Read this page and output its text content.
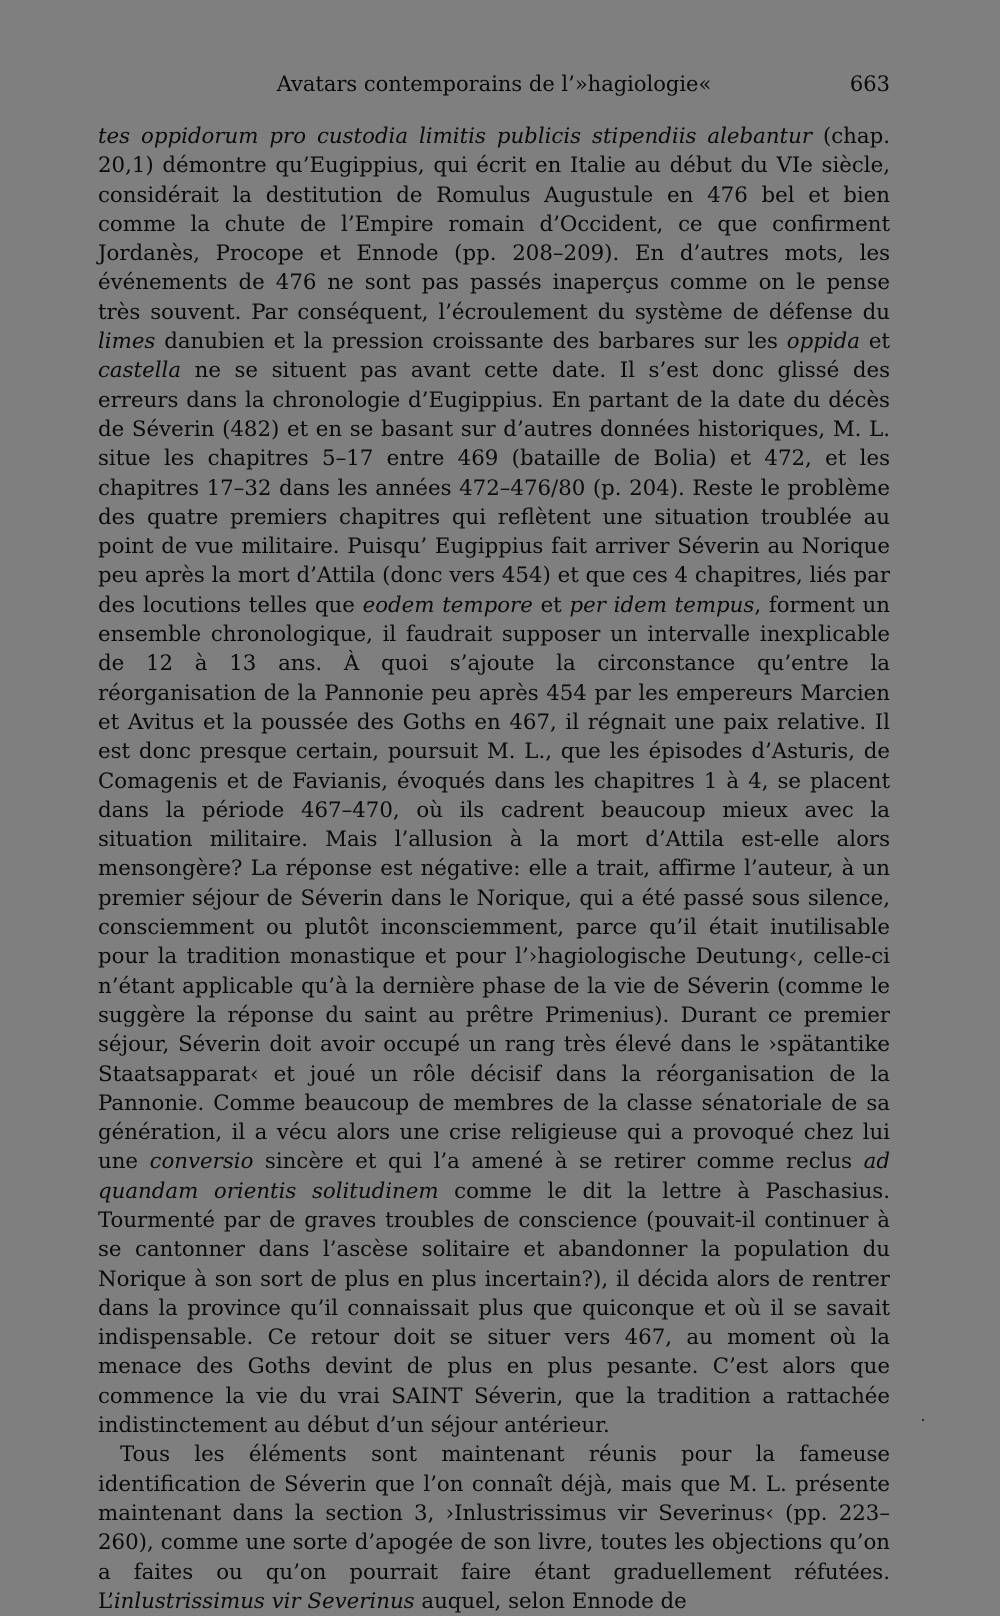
Avatars contemporains de l’»hagiologie«	663

tes oppidorum pro custodia limitis publicis stipendiis alebantur (chap. 20,1) démontre qu’Eugippius, qui écrit en Italie au début du VIe siècle, considérait la destitution de Romulus Augustule en 476 bel et bien comme la chute de l’Empire romain d’Occident, ce que confirment Jordanès, Procope et Ennode (pp. 208–209). En d’autres mots, les événements de 476 ne sont pas passés inaperçus comme on le pense très souvent. Par conséquent, l’écroulement du système de défense du limes danubien et la pression croissante des barbares sur les oppida et castella ne se situent pas avant cette date. Il s’est donc glissé des erreurs dans la chronologie d’Eugippius. En partant de la date du décès de Séverin (482) et en se basant sur d’autres données historiques, M. L. situe les chapitres 5–17 entre 469 (bataille de Bolia) et 472, et les chapitres 17–32 dans les années 472–476/80 (p. 204). Reste le problème des quatre premiers chapitres qui reflètent une situation troublée au point de vue militaire. Puisqu’ Eugippius fait arriver Séverin au Norique peu après la mort d’Attila (donc vers 454) et que ces 4 chapitres, liés par des locutions telles que eodem tempore et per idem tempus, forment un ensemble chronologique, il faudrait supposer un intervalle inexplicable de 12 à 13 ans. À quoi s’ajoute la circonstance qu’entre la réorganisation de la Pannonie peu après 454 par les empereurs Marcien et Avitus et la poussée des Goths en 467, il régnait une paix relative. Il est donc presque certain, poursuit M. L., que les épisodes d’Asturis, de Comagenis et de Favianis, évoqués dans les chapitres 1 à 4, se placent dans la période 467–470, où ils cadrent beaucoup mieux avec la situation militaire. Mais l’allusion à la mort d’Attila est-elle alors mensongère? La réponse est négative: elle a trait, affirme l’auteur, à un premier séjour de Séverin dans le Norique, qui a été passé sous silence, consciemment ou plutôt inconsciemment, parce qu’il était inutilisable pour la tradition monastique et pour l’›hagiologische Deutung‹, celle-ci n’étant applicable qu’à la dernière phase de la vie de Séverin (comme le suggère la réponse du saint au prêtre Primenius). Durant ce premier séjour, Séverin doit avoir occupé un rang très élevé dans le ›spätantike Staatsapparat‹ et joué un rôle décisif dans la réorganisation de la Pannonie. Comme beaucoup de membres de la classe sénatoriale de sa génération, il a vécu alors une crise religieuse qui a provoqué chez lui une conversio sincère et qui l’a amené à se retirer comme reclus ad quandam orientis solitudinem comme le dit la lettre à Paschasius. Tourmenté par de graves troubles de conscience (pouvait-il continuer à se cantonner dans l’ascèse solitaire et abandonner la population du Norique à son sort de plus en plus incertain?), il décida alors de rentrer dans la province qu’il connaissait plus que quiconque et où il se savait indispensable. Ce retour doit se situer vers 467, au moment où la menace des Goths devint de plus en plus pesante. C’est alors que commence la vie du vrai SAINT Séverin, que la tradition a rattachée indistinctement au début d’un séjour antérieur.

Tous les éléments sont maintenant réunis pour la fameuse identification de Séverin que l’on connaît déjà, mais que M. L. présente maintenant dans la section 3, ›Inlustrissimus vir Severinus‹ (pp. 223–260), comme une sorte d’apogée de son livre, toutes les objections qu’on a faites ou qu’on pourrait faire étant graduellement réfutées. L’inlustrissimus vir Severinus auquel, selon Ennode de
